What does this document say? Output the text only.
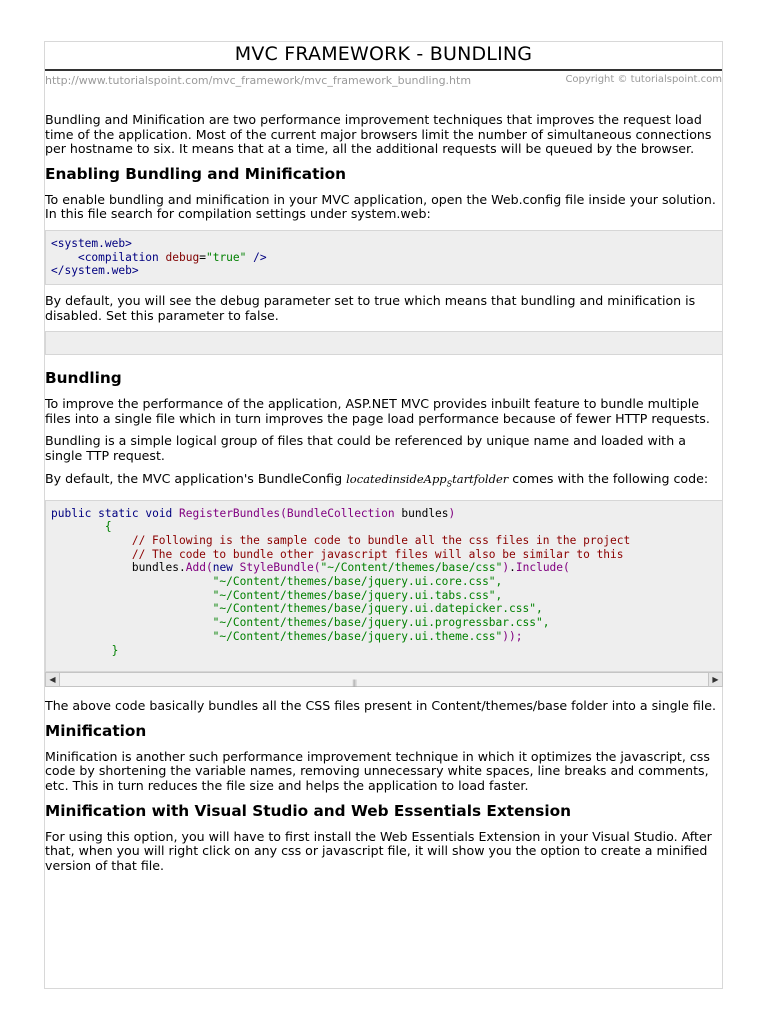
MVC FRAMEWORK - BUNDLING
http://www.tutorialspoint.com/mvc_framework/mvc_framework_bundling.htm	Copyright © tutorialspoint.com

Bundling and Minification are two performance improvement techniques that improves the request load time of the application. Most of the current major browsers limit the number of simultaneous connections per hostname to six. It means that at a time, all the additional requests will be queued by the browser.

Enabling Bundling and Minification

To enable bundling and minification in your MVC application, open the Web.config file inside your solution. In this file search for compilation settings under system.web:

<system.web>
<compilation debug="true" />
</system.web>

By default, you will see the debug parameter set to true which means that bundling and minification is disabled. Set this parameter to false.

Bundling

To improve the performance of the application, ASP.NET MVC provides inbuilt feature to bundle multiple files into a single file which in turn improves the page load performance because of fewer HTTP requests.

Bundling is a simple logical group of files that could be referenced by unique name and loaded with a single TTP request.

By default, the MVC application's BundleConfig locatedinsideApp$_S$tartfolder comes with the following code:

public static void RegisterBundles(BundleCollection bundles)
{
// Following is the sample code to bundle all the css files in the project
// The code to bundle other javascript files will also be similar to this
bundles.Add(new StyleBundle("~/Content/themes/base/css").Include(
"~/Content/themes/base/jquery.ui.core.css",
"~/Content/themes/base/jquery.ui.tabs.css",
"~/Content/themes/base/jquery.ui.datepicker.css",
"~/Content/themes/base/jquery.ui.progressbar.css",
"~/Content/themes/base/jquery.ui.theme.css"));
}
◀	|||	▶

The above code basically bundles all the CSS files present in Content/themes/base folder into a single file.

Minification

Minification is another such performance improvement technique in which it optimizes the javascript, css code by shortening the variable names, removing unnecessary white spaces, line breaks and comments, etc. This in turn reduces the file size and helps the application to load faster.

Minification with Visual Studio and Web Essentials Extension

For using this option, you will have to first install the Web Essentials Extension in your Visual Studio. After that, when you will right click on any css or javascript file, it will show you the option to create a minified version of that file.
